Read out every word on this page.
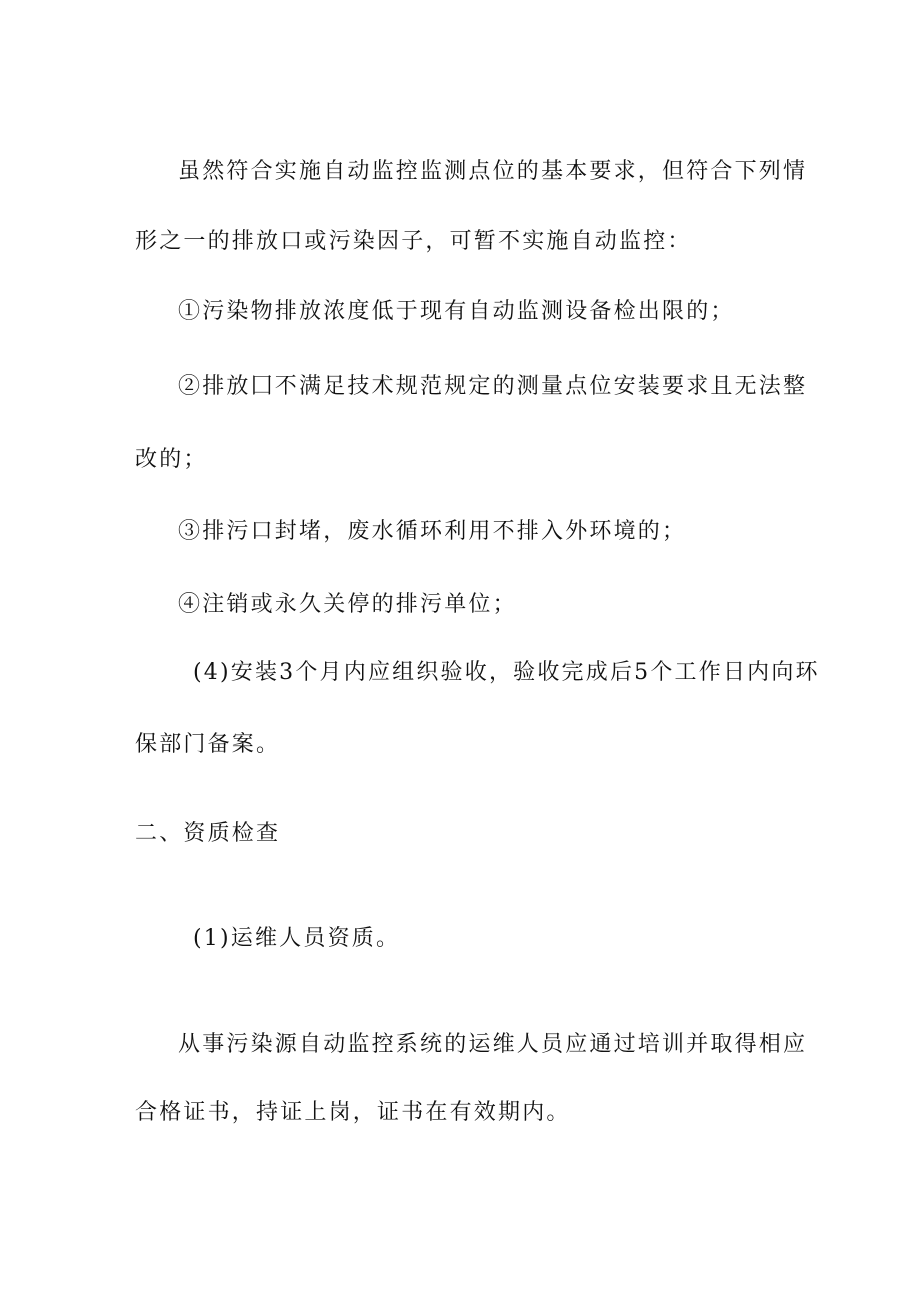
虽然符合实施自动监控监测点位的基本要求，但符合下列情
形之一的排放口或污染因子，可暂不实施自动监控：
①污染物排放浓度低于现有自动监测设备检出限的；
②排放囗不满足技术规范规定的测量点位安装要求且无法整
改的；
③排污口封堵，废水循环利用不排入外环境的；
④注销或永久关停的排污单位；
(4)安装3个月内应组织验收，验收完成后5个工作日内向环
保部门备案。
二、资质检查
(1)运维人员资质。
从事污染源自动监控系统的运维人员应通过培训并取得相应
合格证书，持证上岗，证书在有效期内。
